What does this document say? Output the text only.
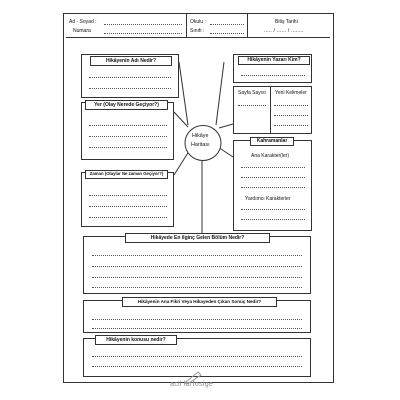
Ad - Soyad :
Numara
Okulu :
Sınıfı :
Bitiş Tarihi
..... / ...... / ........
Hikâyenin Adı Nedir?	Hikâyenin Yazarı Kim?
Sayfa Sayısı Yeni Kelimeler
Yer (Olay Nerede Geçiyor?)
Hikâye
Haritası
Ana Karakter(ler)
Yardımcı Karakterler
Kahramanlar
Zaman (Olaylar Ne zaman Geçiyor?)
Hikâyede En ilginç Gelen Bölüm Nedir?
Hikâyenin Ana Fikri Veya Hikayeden Çıkan Sonuç Nedir?
Hikâyenin konusu nedir?
acil larfosige
